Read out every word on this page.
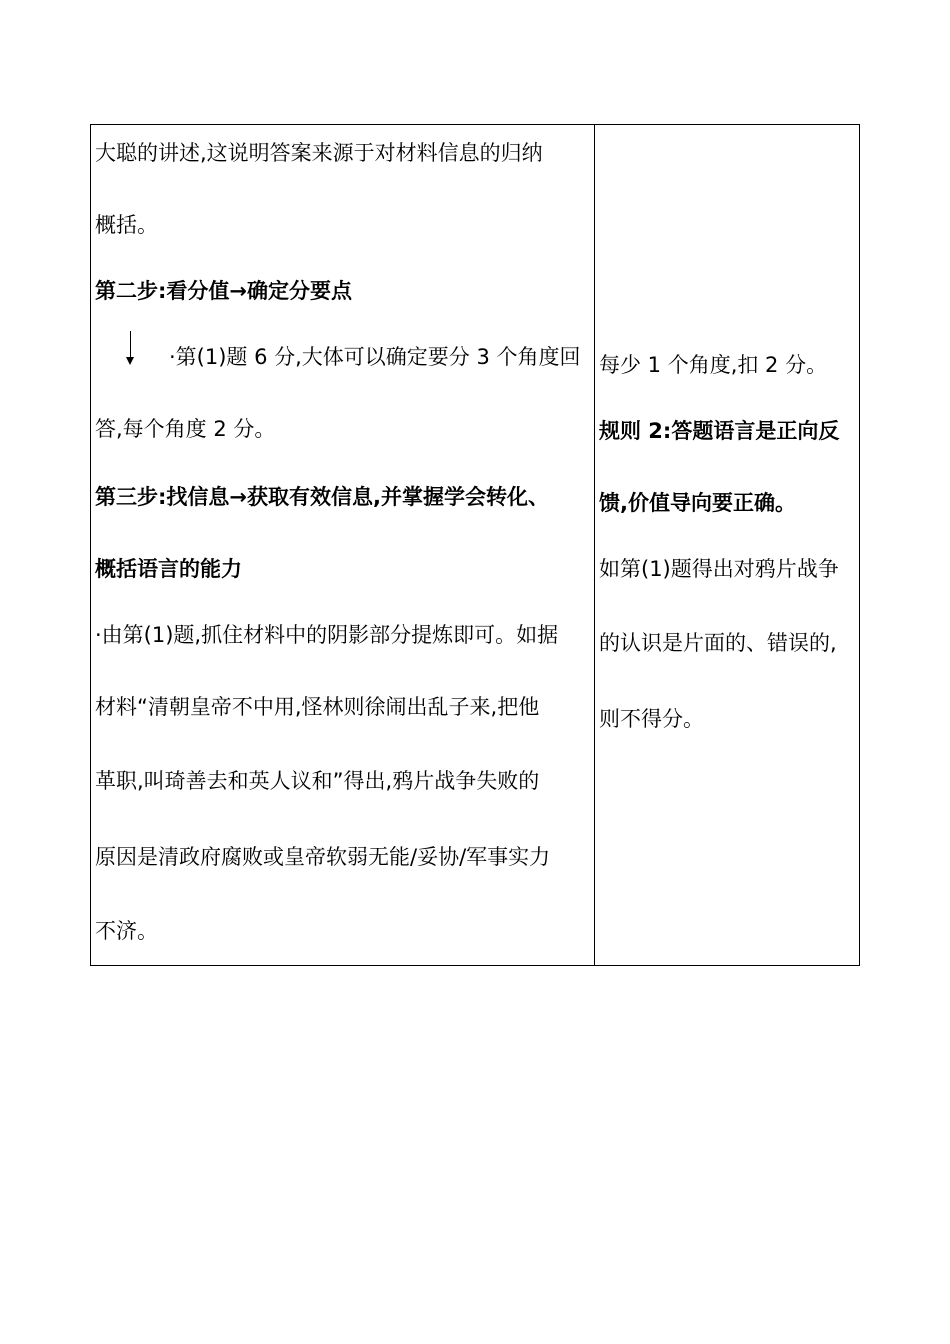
大聪的讲述,这说明答案来源于对材料信息的归纳
概括。
第二步:看分值→确定分要点
·第(1)题 6 分,大体可以确定要分 3 个角度回
答,每个角度 2 分。
第三步:找信息→获取有效信息,并掌握学会转化、
概括语言的能力
·由第(1)题,抓住材料中的阴影部分提炼即可。如据
材料“清朝皇帝不中用,怪林则徐闹出乱子来,把他
革职,叫琦善去和英人议和”得出,鸦片战争失败的
原因是清政府腐败或皇帝软弱无能/妥协/军事实力
不济。
每少 1 个角度,扣 2 分。
规则 2:答题语言是正向反
馈,价值导向要正确。
如第(1)题得出对鸦片战争
的认识是片面的、错误的,
则不得分。
